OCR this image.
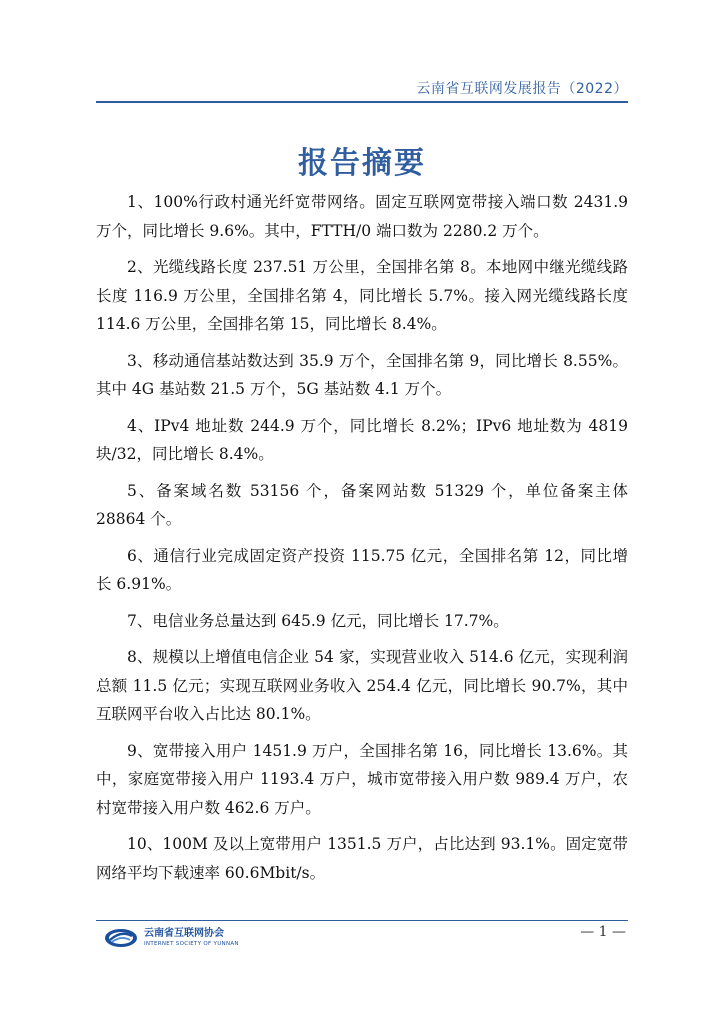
云南省互联网发展报告（2022）
报告摘要
1、100%行政村通光纤宽带网络。固定互联网宽带接入端口数 2431.9 万个，同比增长 9.6%。其中，FTTH/0 端口数为 2280.2 万个。
2、光缆线路长度 237.51 万公里，全国排名第 8。本地网中继光缆线路长度 116.9 万公里，全国排名第 4，同比增长 5.7%。接入网光缆线路长度 114.6 万公里，全国排名第 15，同比增长 8.4%。
3、移动通信基站数达到 35.9 万个，全国排名第 9，同比增长 8.55%。其中 4G 基站数 21.5 万个，5G 基站数 4.1 万个。
4、IPv4 地址数 244.9 万个，同比增长 8.2%；IPv6 地址数为 4819 块/32，同比增长 8.4%。
5、备案域名数 53156 个，备案网站数 51329 个，单位备案主体 28864 个。
6、通信行业完成固定资产投资 115.75 亿元，全国排名第 12，同比增长 6.91%。
7、电信业务总量达到 645.9 亿元，同比增长 17.7%。
8、规模以上增值电信企业 54 家，实现营业收入 514.6 亿元，实现利润总额 11.5 亿元；实现互联网业务收入 254.4 亿元，同比增长 90.7%，其中互联网平台收入占比达 80.1%。
9、宽带接入用户 1451.9 万户，全国排名第 16，同比增长 13.6%。其中，家庭宽带接入用户 1193.4 万户，城市宽带接入用户数 989.4 万户，农村宽带接入用户数 462.6 万户。
10、100M 及以上宽带用户 1351.5 万户，占比达到 93.1%。固定宽带网络平均下载速率 60.6Mbit/s。
云南省互联网协会
INTERNET SOCIETY OF YUNNAN
— 1 —
